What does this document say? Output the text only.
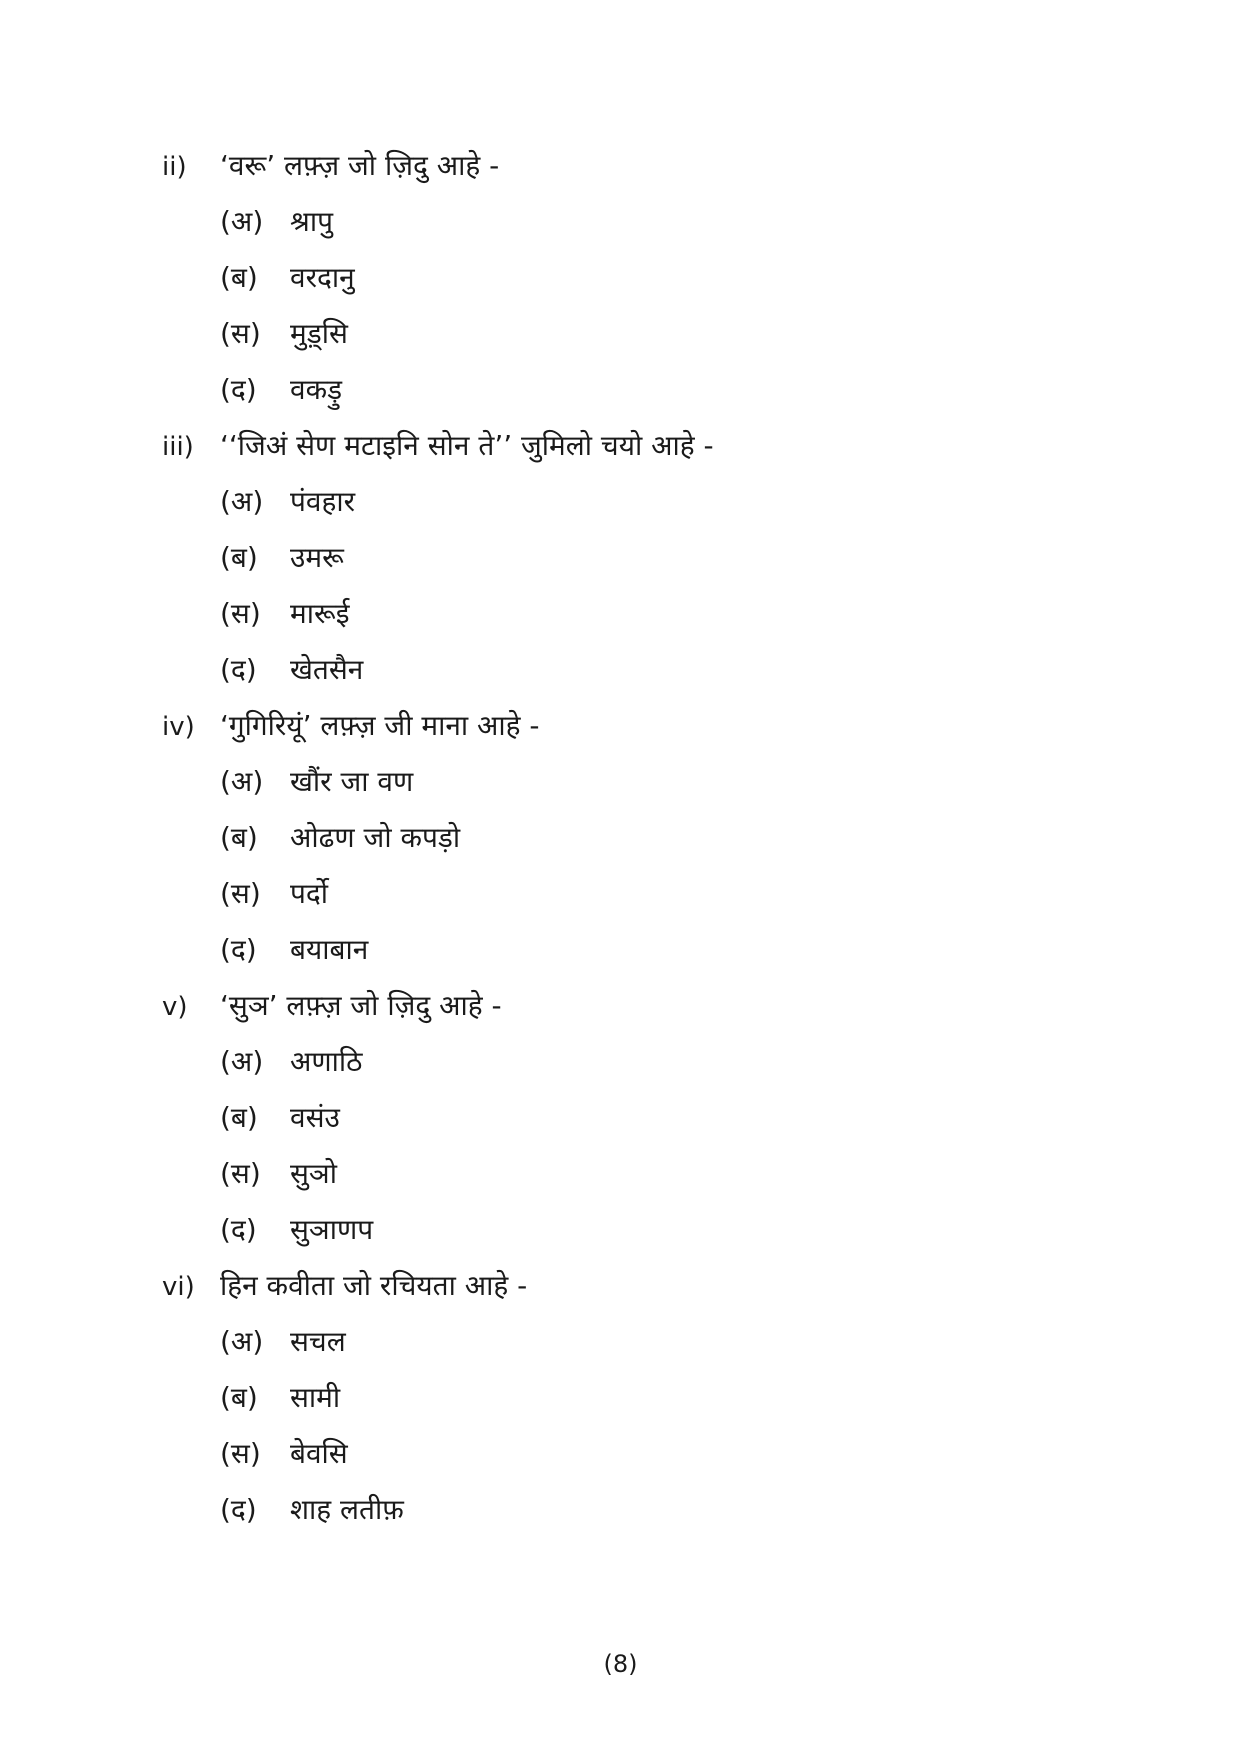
ii)	‘वरू’ लफ़्ज़ जो ज़िदु आहे -
(अ) श्रापु
(ब)	वरदानु
(स)	मुड़्सि
(द)	वकड़ु
iii) ‘‘जिअं सेण मटाइनि सोन ते’’ जुमिलो चयो आहे -
(अ) पंवहार
(ब)	उमरू
(स)	मारूई
(द)	खेतसैन
iv) ‘गुगिरियूं’ लफ़्ज़ जी माना आहे -
(अ) खौंर जा वण
(ब)	ओढण जो कपड़ो
(स)	पर्दो
(द)	बयाबान
v)	‘सुञ’ लफ़्ज़ जो ज़िदु आहे -
(अ) अणाठि
(ब)	वसंउ
(स)	सुञो
(द)	सुञाणप
vi) हिन कवीता जो रचियता आहे -
(अ) सचल
(ब)	सामी
(स)	बेवसि
(द)	शाह लतीफ़
(8)
